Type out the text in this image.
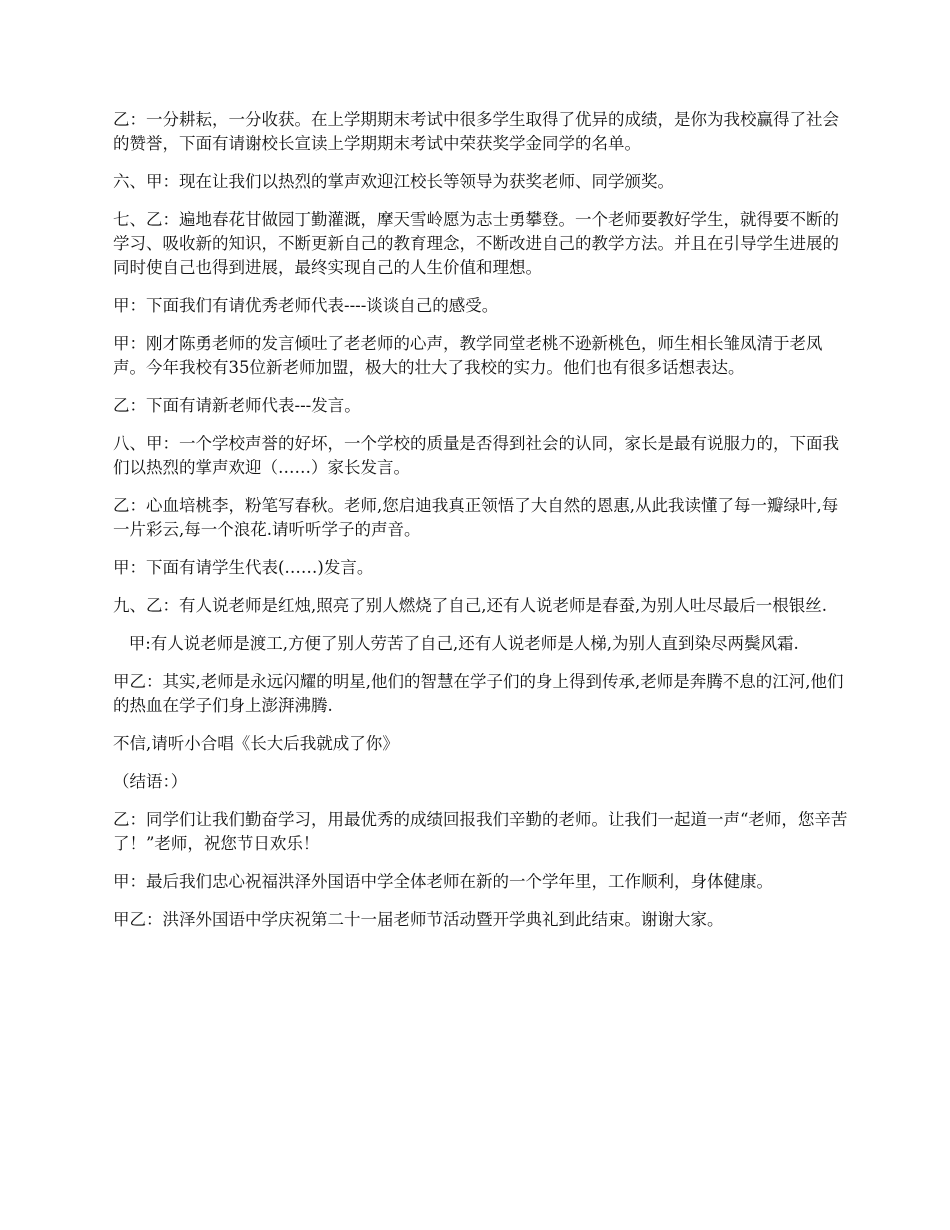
乙：一分耕耘，一分收获。在上学期期末考试中很多学生取得了优异的成绩，是你为我校赢得了社会的赞誉，下面有请谢校长宣读上学期期末考试中荣获奖学金同学的名单。

六、甲：现在让我们以热烈的掌声欢迎江校长等领导为获奖老师、同学颁奖。

七、乙：遍地春花甘做园丁勤灌溉，摩天雪岭愿为志士勇攀登。一个老师要教好学生，就得要不断的学习、吸收新的知识，不断更新自己的教育理念，不断改进自己的教学方法。并且在引导学生进展的同时使自己也得到进展，最终实现自己的人生价值和理想。

甲：下面我们有请优秀老师代表----谈谈自己的感受。

甲：刚才陈勇老师的发言倾吐了老老师的心声，教学同堂老桃不逊新桃色，师生相长雏凤清于老凤声。今年我校有35位新老师加盟，极大的壮大了我校的实力。他们也有很多话想表达。

乙：下面有请新老师代表---发言。

八、甲：一个学校声誉的好坏，一个学校的质量是否得到社会的认同，家长是最有说服力的，下面我们以热烈的掌声欢迎（……）家长发言。

乙：心血培桃李，粉笔写春秋。老师,您启迪我真正领悟了大自然的恩惠,从此我读懂了每一瓣绿叶,每一片彩云,每一个浪花.请听听学子的声音。

甲：下面有请学生代表(……)发言。

九、乙：有人说老师是红烛,照亮了别人燃烧了自己,还有人说老师是春蚕,为别人吐尽最后一根银丝.

甲:有人说老师是渡工,方便了别人劳苦了自己,还有人说老师是人梯,为别人直到染尽两鬓风霜.

甲乙：其实,老师是永远闪耀的明星,他们的智慧在学子们的身上得到传承,老师是奔腾不息的江河,他们的热血在学子们身上澎湃沸腾.

不信,请听小合唱《长大后我就成了你》

（结语：）

乙：同学们让我们勤奋学习，用最优秀的成绩回报我们辛勤的老师。让我们一起道一声“老师，您辛苦了！”老师，祝您节日欢乐！

甲：最后我们忠心祝福洪泽外国语中学全体老师在新的一个学年里，工作顺利，身体健康。

甲乙：洪泽外国语中学庆祝第二十一届老师节活动暨开学典礼到此结束。谢谢大家。
